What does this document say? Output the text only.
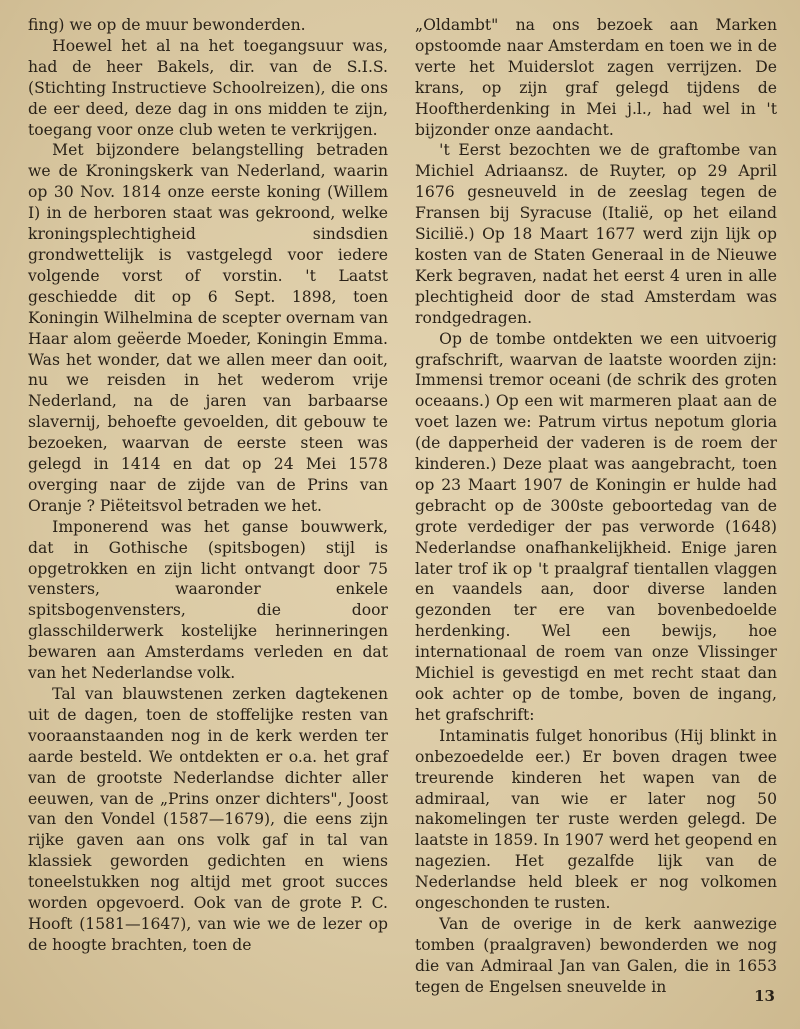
fing) we op de muur bewonderden.

Hoewel het al na het toegangsuur was, had de heer Bakels, dir. van de S.I.S. (Stichting Instructieve Schoolreizen), die ons de eer deed, deze dag in ons midden te zijn, toegang voor onze club weten te verkrijgen.

Met bijzondere belangstelling betraden we de Kroningskerk van Nederland, waarin op 30 Nov. 1814 onze eerste koning (Willem I) in de herboren staat was gekroond, welke kroningsplechtigheid sindsdien grondwettelijk is vastgelegd voor iedere volgende vorst of vorstin. 't Laatst geschiedde dit op 6 Sept. 1898, toen Koningin Wilhelmina de scepter overnam van Haar alom geëerde Moeder, Koningin Emma. Was het wonder, dat we allen meer dan ooit, nu we reisden in het wederom vrije Nederland, na de jaren van barbaarse slavernij, behoefte gevoelden, dit gebouw te bezoeken, waarvan de eerste steen was gelegd in 1414 en dat op 24 Mei 1578 overging naar de zijde van de Prins van Oranje ? Piëteitsvol betraden we het.

Imponerend was het ganse bouwwerk, dat in Gothische (spitsbogen) stijl is opgetrokken en zijn licht ontvangt door 75 vensters, waaronder enkele spitsbogenvensters, die door glasschilderwerk kostelijke herinneringen bewaren aan Amsterdams verleden en dat van het Nederlandse volk.

Tal van blauwstenen zerken dagtekenen uit de dagen, toen de stoffelijke resten van vooraanstaanden nog in de kerk werden ter aarde besteld. We ontdekten er o.a. het graf van de grootste Nederlandse dichter aller eeuwen, van de „Prins onzer dichters", Joost van den Vondel (1587—1679), die eens zijn rijke gaven aan ons volk gaf in tal van klassiek geworden gedichten en wiens toneelstukken nog altijd met groot succes worden opgevoerd. Ook van de grote P. C. Hooft (1581—1647), van wie we de lezer op de hoogte brachten, toen de

„Oldambt" na ons bezoek aan Marken opstoomde naar Amsterdam en toen we in de verte het Muiderslot zagen verrijzen. De krans, op zijn graf gelegd tijdens de Hooftherdenking in Mei j.l., had wel in 't bijzonder onze aandacht.

't Eerst bezochten we de graftombe van Michiel Adriaansz. de Ruyter, op 29 April 1676 gesneuveld in de zeeslag tegen de Fransen bij Syracuse (Italië, op het eiland Sicilië.) Op 18 Maart 1677 werd zijn lijk op kosten van de Staten Generaal in de Nieuwe Kerk begraven, nadat het eerst 4 uren in alle plechtigheid door de stad Amsterdam was rondgedragen.

Op de tombe ontdekten we een uitvoerig grafschrift, waarvan de laatste woorden zijn: Immensi tremor oceani (de schrik des groten oceaans.) Op een wit marmeren plaat aan de voet lazen we: Patrum virtus nepotum gloria (de dapperheid der vaderen is de roem der kinderen.) Deze plaat was aangebracht, toen op 23 Maart 1907 de Koningin er hulde had gebracht op de 300ste geboortedag van de grote verdediger der pas verworde (1648) Nederlandse onafhankelijkheid. Enige jaren later trof ik op 't praalgraf tientallen vlaggen en vaandels aan, door diverse landen gezonden ter ere van bovenbedoelde herdenking. Wel een bewijs, hoe internationaal de roem van onze Vlissinger Michiel is gevestigd en met recht staat dan ook achter op de tombe, boven de ingang, het grafschrift:

Intaminatis fulget honoribus (Hij blinkt in onbezoedelde eer.) Er boven dragen twee treurende kinderen het wapen van de admiraal, van wie er later nog 50 nakomelingen ter ruste werden gelegd. De laatste in 1859. In 1907 werd het geopend en nagezien. Het gezalfde lijk van de Nederlandse held bleek er nog volkomen ongeschonden te rusten.

Van de overige in de kerk aanwezige tomben (praalgraven) bewonderden we nog die van Admiraal Jan van Galen, die in 1653 tegen de Engelsen sneuvelde in

13
